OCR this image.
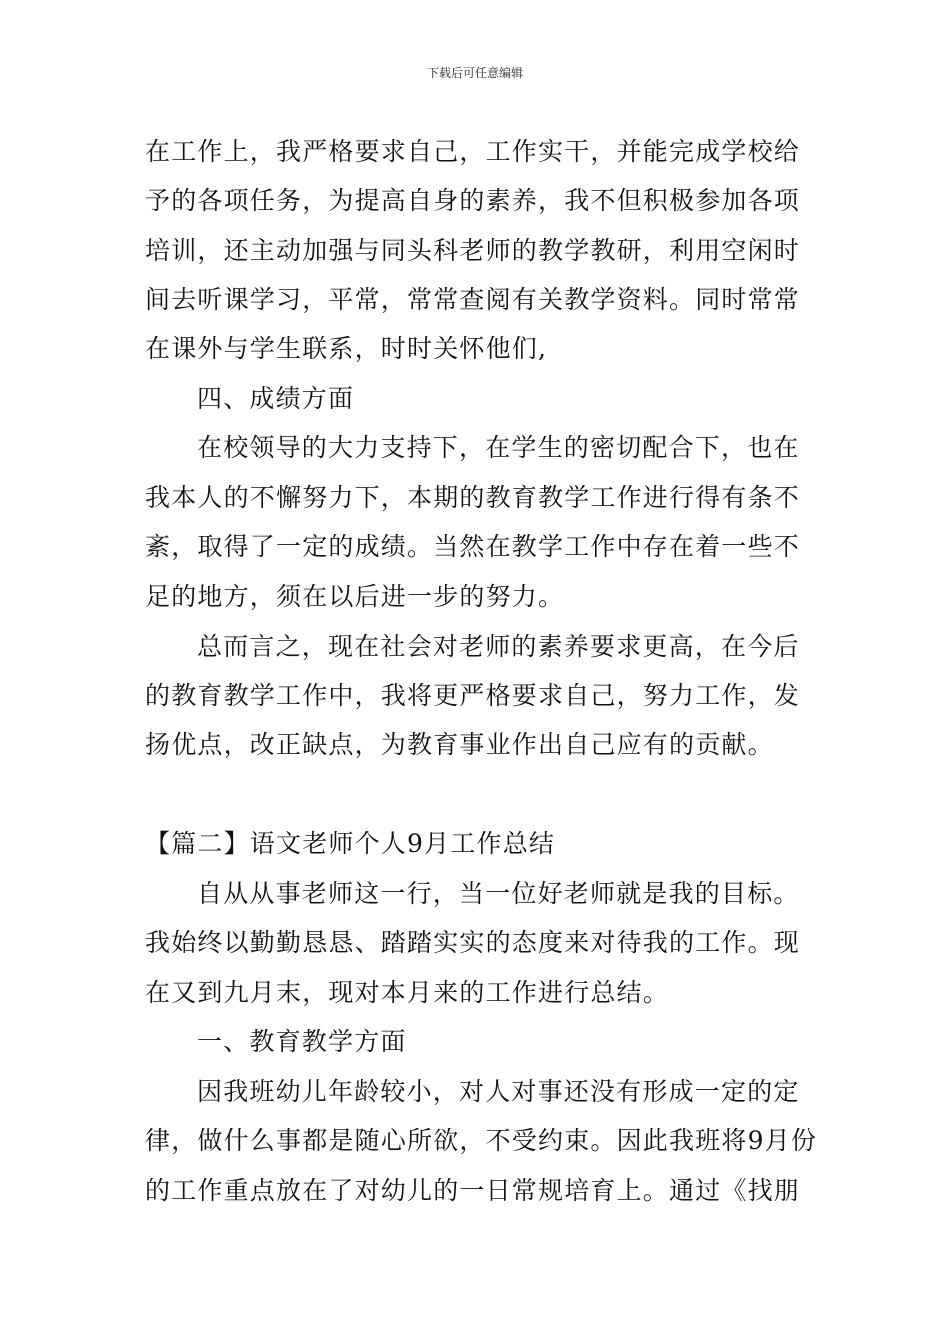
下载后可任意编辑
在工作上，我严格要求自己，工作实干，并能完成学校给
予的各项任务，为提高自身的素养，我不但积极参加各项
培训，还主动加强与同头科老师的教学教研，利用空闲时
间去听课学习，平常，常常查阅有关教学资料。同时常常
在课外与学生联系，时时关怀他们,
四、成绩方面
在校领导的大力支持下，在学生的密切配合下，也在
我本人的不懈努力下，本期的教育教学工作进行得有条不
紊，取得了一定的成绩。当然在教学工作中存在着一些不
足的地方，须在以后进一步的努力。
总而言之，现在社会对老师的素养要求更高，在今后
的教育教学工作中，我将更严格要求自己，努力工作，发
扬优点，改正缺点，为教育事业作出自己应有的贡献。
【篇二】语文老师个人9月工作总结
自从从事老师这一行，当一位好老师就是我的目标。
我始终以勤勤恳恳、踏踏实实的态度来对待我的工作。现
在又到九月末，现对本月来的工作进行总结。
一、教育教学方面
因我班幼儿年龄较小，对人对事还没有形成一定的定
律，做什么事都是随心所欲，不受约束。因此我班将9月份
的工作重点放在了对幼儿的一日常规培育上。通过《找朋
